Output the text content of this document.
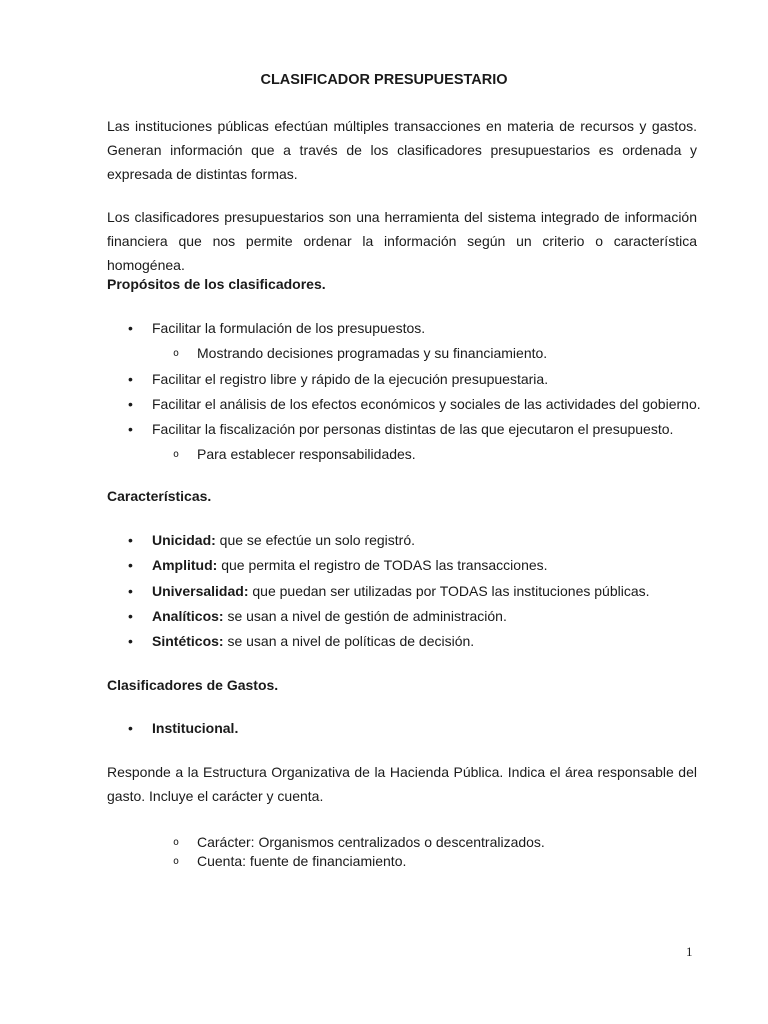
CLASIFICADOR PRESUPUESTARIO

Las instituciones públicas efectúan múltiples transacciones en materia de recursos y gastos. Generan información que a través de los clasificadores presupuestarios es ordenada y expresada de distintas formas.

Los clasificadores presupuestarios son una herramienta del sistema integrado de información financiera que nos permite ordenar la información según un criterio o característica homogénea.

Propósitos de los clasificadores.
• Facilitar la formulación de los presupuestos.
o Mostrando decisiones programadas y su financiamiento.
• Facilitar el registro libre y rápido de la ejecución presupuestaria.
• Facilitar el análisis de los efectos económicos y sociales de las actividades del gobierno.
• Facilitar la fiscalización por personas distintas de las que ejecutaron el presupuesto.
o Para establecer responsabilidades.
Características.
• Unicidad: que se efectúe un solo registró.
• Amplitud: que permita el registro de TODAS las transacciones.
• Universalidad: que puedan ser utilizadas por TODAS las instituciones públicas.
• Analíticos: se usan a nivel de gestión de administración.
• Sintéticos: se usan a nivel de políticas de decisión.
Clasificadores de Gastos.
• Institucional.

Responde a la Estructura Organizativa de la Hacienda Pública. Indica el área responsable del gasto. Incluye el carácter y cuenta.

o Carácter: Organismos centralizados o descentralizados.
o Cuenta: fuente de financiamiento.
1
